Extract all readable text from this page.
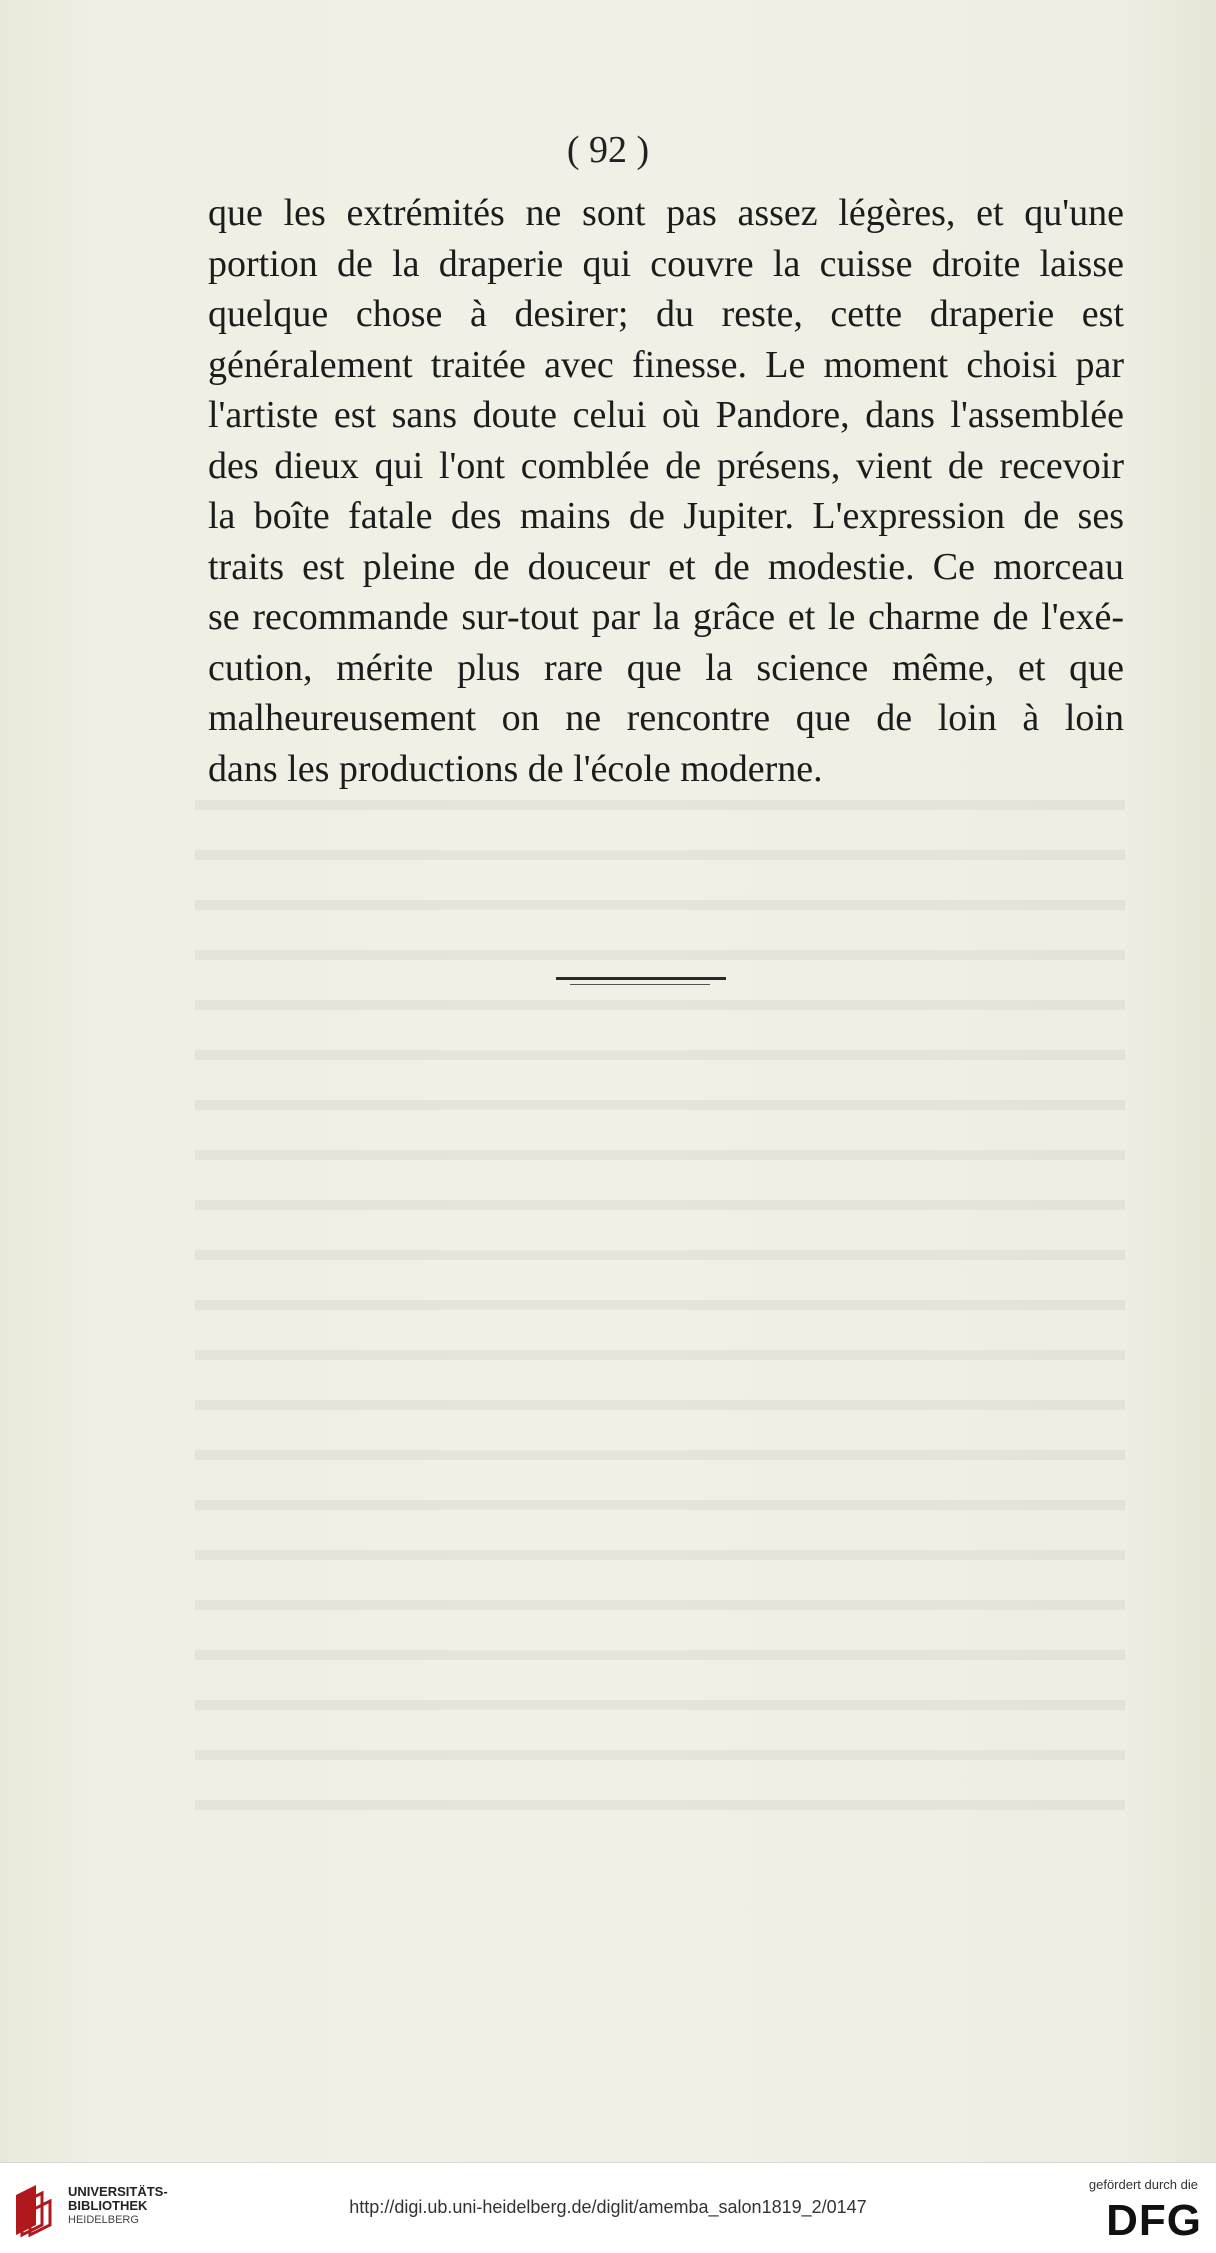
( 92 )
que les extrémités ne sont pas assez légères, et qu'une
portion de la draperie qui couvre la cuisse droite laisse
quelque chose à desirer; du reste, cette draperie est
généralement traitée avec finesse. Le moment choisi par
l'artiste est sans doute celui où Pandore, dans l'assemblée
des dieux qui l'ont comblée de présens, vient de recevoir
la boîte fatale des mains de Jupiter. L'expression de ses
traits est pleine de douceur et de modestie. Ce morceau
se recommande sur-tout par la grâce et le charme de l'exé-
cution, mérite plus rare que la science même, et que
malheureusement on ne rencontre que de loin à loin
dans les productions de l'école moderne.
UNIVERSITÄTS-
BIBLIOTHEK
HEIDELBERG
http://digi.ub.uni-heidelberg.de/diglit/amemba_salon1819_2/0147
gefördert durch die
DFG
